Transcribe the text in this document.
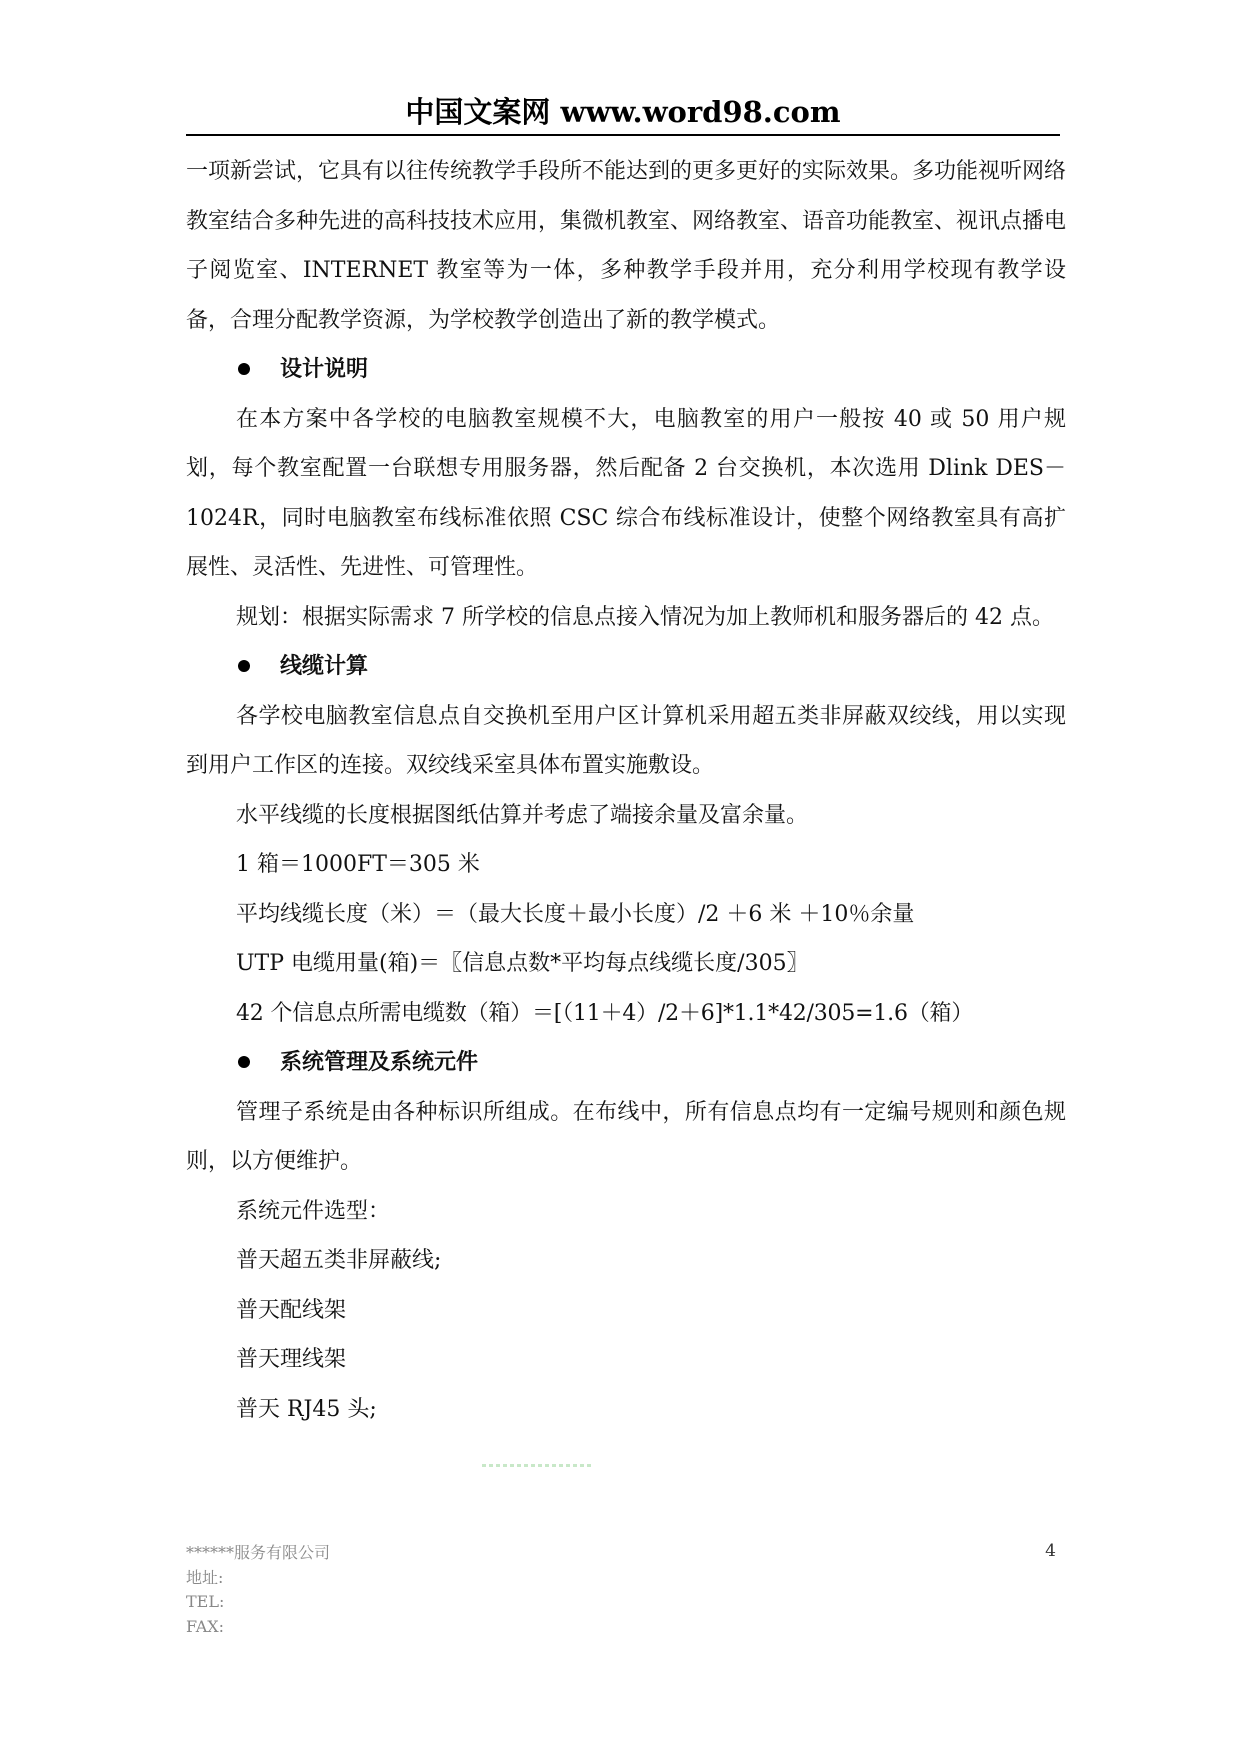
中国文案网 www.word98.com

一项新尝试，它具有以往传统教学手段所不能达到的更多更好的实际效果。多功能视听网络教室结合多种先进的高科技技术应用，集微机教室、网络教室、语音功能教室、视讯点播电子阅览室、INTERNET 教室等为一体，多种教学手段并用，充分利用学校现有教学设备，合理分配教学资源，为学校教学创造出了新的教学模式。

设计说明

在本方案中各学校的电脑教室规模不大，电脑教室的用户一般按 40 或 50 用户规划，每个教室配置一台联想专用服务器，然后配备 2 台交换机，本次选用 Dlink DES－1024R，同时电脑教室布线标准依照 CSC 综合布线标准设计，使整个网络教室具有高扩展性、灵活性、先进性、可管理性。

规划：根据实际需求 7 所学校的信息点接入情况为加上教师机和服务器后的 42 点。

线缆计算

各学校电脑教室信息点自交换机至用户区计算机采用超五类非屏蔽双绞线，用以实现到用户工作区的连接。双绞线采室具体布置实施敷设。

水平线缆的长度根据图纸估算并考虑了端接余量及富余量。

1 箱＝1000FT＝305 米

平均线缆长度（米）＝（最大长度＋最小长度）/2 ＋6 米 ＋10％余量

UTP 电缆用量(箱)＝〖信息点数*平均每点线缆长度/305〗

42 个信息点所需电缆数（箱）＝[（11＋4）/2＋6]*1.1*42/305=1.6（箱）

系统管理及系统元件

管理子系统是由各种标识所组成。在布线中，所有信息点均有一定编号规则和颜色规则，以方便维护。

系统元件选型：

普天超五类非屏蔽线;

普天配线架

普天理线架

普天 RJ45 头;

******服务有限公司
地址:
TEL:
FAX:
4
